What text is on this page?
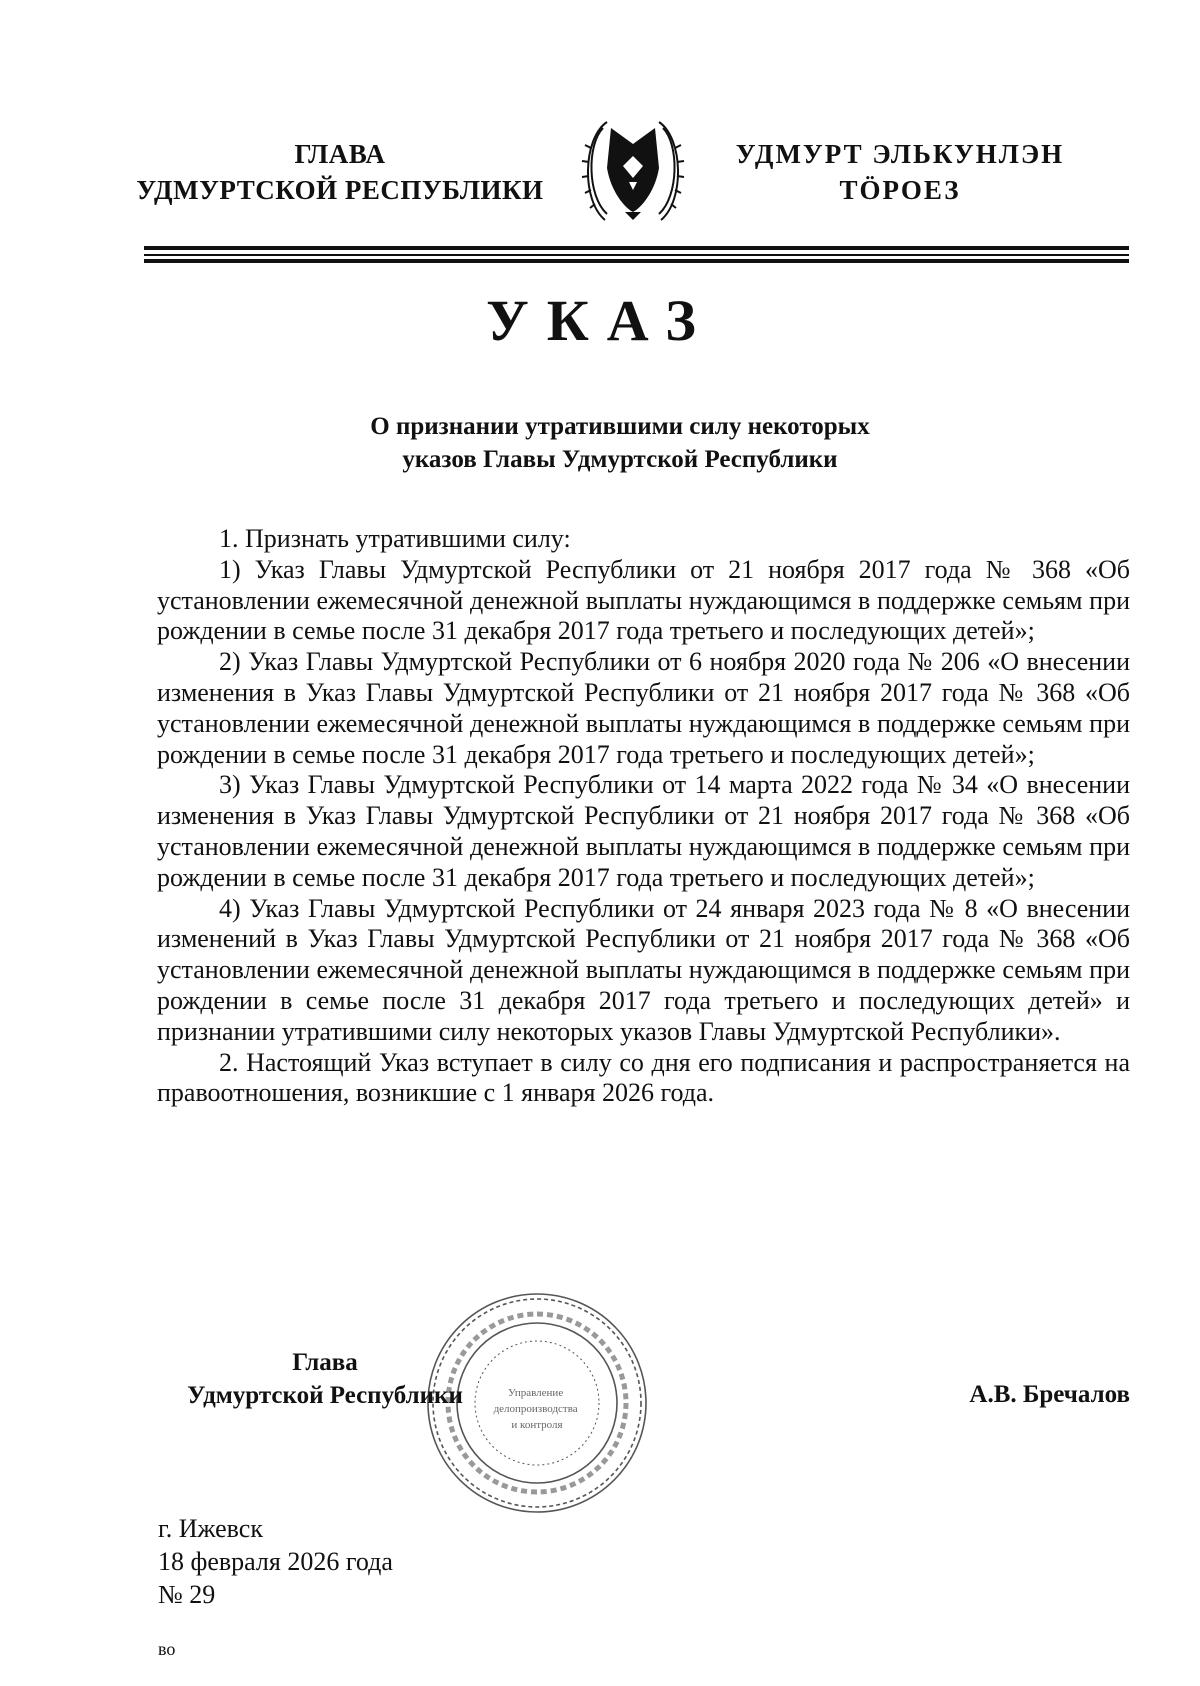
ГЛАВА
УДМУРТСКОЙ РЕСПУБЛИКИ
УДМУРТ ЭЛЬКУНЛЭН
ТӦРОЕЗ
УКАЗ
О признании утратившими силу некоторых
указов Главы Удмуртской Республики

1. Признать утратившими силу:

1) Указ Главы Удмуртской Республики от 21 ноября 2017 года № 368 «Об установлении ежемесячной денежной выплаты нуждающимся в поддержке семьям при рождении в семье после 31 декабря 2017 года третьего и последующих детей»;

2) Указ Главы Удмуртской Республики от 6 ноября 2020 года № 206 «О внесении изменения в Указ Главы Удмуртской Республики от 21 ноября 2017 года № 368 «Об установлении ежемесячной денежной выплаты нуждающимся в поддержке семьям при рождении в семье после 31 декабря 2017 года третьего и последующих детей»;

3) Указ Главы Удмуртской Республики от 14 марта 2022 года № 34 «О внесении изменения в Указ Главы Удмуртской Республики от 21 ноября 2017 года № 368 «Об установлении ежемесячной денежной выплаты нуждающимся в поддержке семьям при рождении в семье после 31 декабря 2017 года третьего и последующих детей»;

4) Указ Главы Удмуртской Республики от 24 января 2023 года № 8 «О внесении изменений в Указ Главы Удмуртской Республики от 21 ноября 2017 года № 368 «Об установлении ежемесячной денежной выплаты нуждающимся в поддержке семьям при рождении в семье после 31 декабря 2017 года третьего и последующих детей» и признании утратившими силу некоторых указов Главы Удмуртской Республики».

2. Настоящий Указ вступает в силу со дня его подписания и распространяется на правоотношения, возникшие с 1 января 2026 года.

Управление делопроизводства и контроля
Глава
Удмуртской Республики	А.В. Бречалов
г. Ижевск
18 февраля 2026 года
№ 29
во
